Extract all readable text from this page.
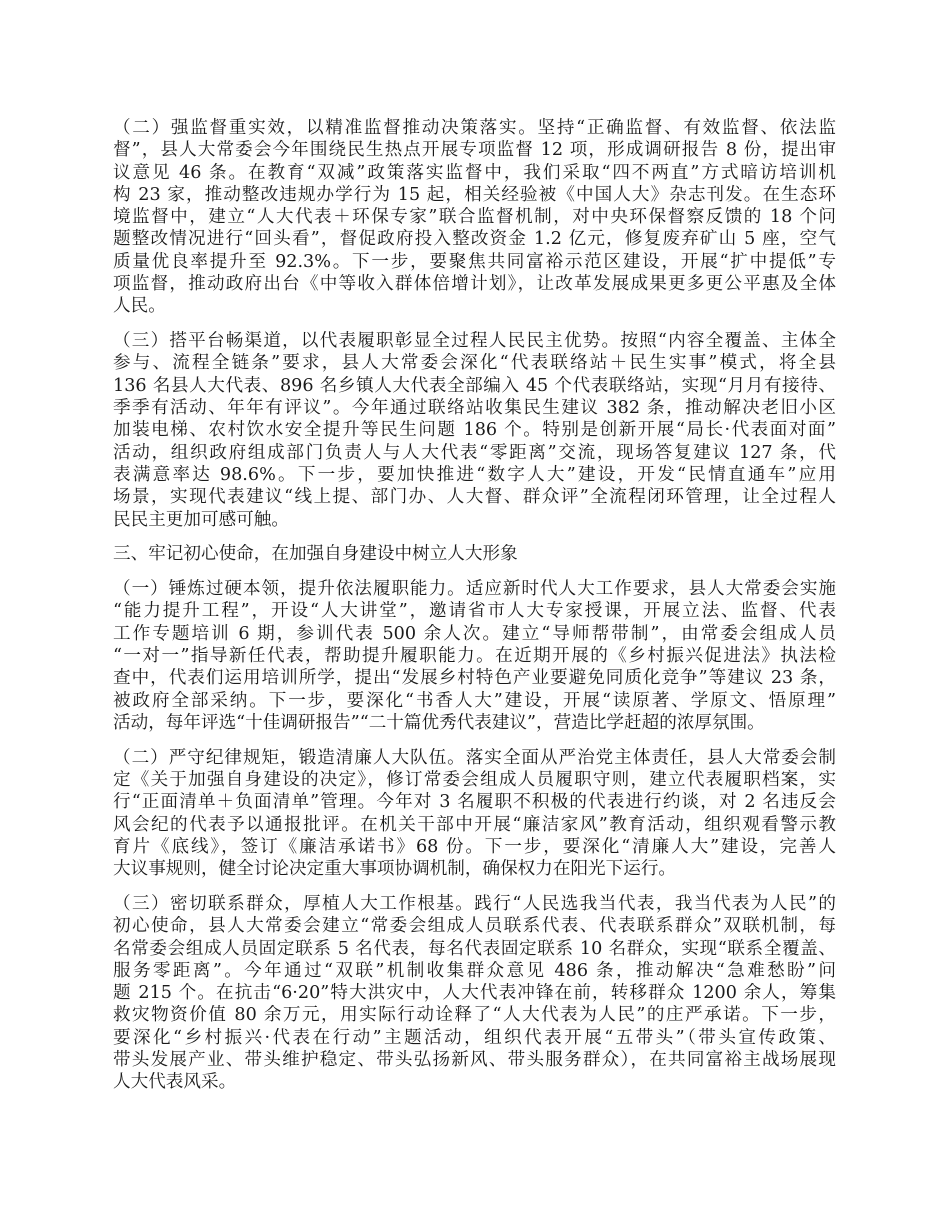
（二）强监督重实效，以精准监督推动决策落实。坚持“正确监督、有效监督、依法监
督”，县人大常委会今年围绕民生热点开展专项监督 12 项，形成调研报告 8 份，提出审
议意见 46 条。在教育“双减”政策落实监督中，我们采取“四不两直”方式暗访培训机
构 23 家，推动整改违规办学行为 15 起，相关经验被《中国人大》杂志刊发。在生态环
境监督中，建立“人大代表＋环保专家”联合监督机制，对中央环保督察反馈的 18 个问
题整改情况进行“回头看”，督促政府投入整改资金 1.2 亿元，修复废弃矿山 5 座，空气
质量优良率提升至 92.3%。下一步，要聚焦共同富裕示范区建设，开展“扩中提低”专
项监督，推动政府出台《中等收入群体倍增计划》，让改革发展成果更多更公平惠及全体
人民。
（三）搭平台畅渠道，以代表履职彰显全过程人民民主优势。按照“内容全覆盖、主体全
参与、流程全链条”要求，县人大常委会深化“代表联络站＋民生实事”模式，将全县
136 名县人大代表、896 名乡镇人大代表全部编入 45 个代表联络站，实现“月月有接待、
季季有活动、年年有评议”。今年通过联络站收集民生建议 382 条，推动解决老旧小区
加装电梯、农村饮水安全提升等民生问题 186 个。特别是创新开展“局长·代表面对面”
活动，组织政府组成部门负责人与人大代表“零距离”交流，现场答复建议 127 条，代
表满意率达 98.6%。下一步，要加快推进“数字人大”建设，开发“民情直通车”应用
场景，实现代表建议“线上提、部门办、人大督、群众评”全流程闭环管理，让全过程人
民民主更加可感可触。
三、牢记初心使命，在加强自身建设中树立人大形象
（一）锤炼过硬本领，提升依法履职能力。适应新时代人大工作要求，县人大常委会实施
“能力提升工程”，开设“人大讲堂”，邀请省市人大专家授课，开展立法、监督、代表
工作专题培训 6 期，参训代表 500 余人次。建立“导师帮带制”，由常委会组成人员
“一对一”指导新任代表，帮助提升履职能力。在近期开展的《乡村振兴促进法》执法检
查中，代表们运用培训所学，提出“发展乡村特色产业要避免同质化竞争”等建议 23 条，
被政府全部采纳。下一步，要深化“书香人大”建设，开展“读原著、学原文、悟原理”
活动，每年评选“十佳调研报告”“二十篇优秀代表建议”，营造比学赶超的浓厚氛围。
（二）严守纪律规矩，锻造清廉人大队伍。落实全面从严治党主体责任，县人大常委会制
定《关于加强自身建设的决定》，修订常委会组成人员履职守则，建立代表履职档案，实
行“正面清单＋负面清单”管理。今年对 3 名履职不积极的代表进行约谈，对 2 名违反会
风会纪的代表予以通报批评。在机关干部中开展“廉洁家风”教育活动，组织观看警示教
育片《底线》，签订《廉洁承诺书》68 份。下一步，要深化“清廉人大”建设，完善人
大议事规则，健全讨论决定重大事项协调机制，确保权力在阳光下运行。
（三）密切联系群众，厚植人大工作根基。践行“人民选我当代表，我当代表为人民”的
初心使命，县人大常委会建立“常委会组成人员联系代表、代表联系群众”双联机制，每
名常委会组成人员固定联系 5 名代表，每名代表固定联系 10 名群众，实现“联系全覆盖、
服务零距离”。今年通过“双联”机制收集群众意见 486 条，推动解决“急难愁盼”问
题 215 个。在抗击“6·20”特大洪灾中，人大代表冲锋在前，转移群众 1200 余人，筹集
救灾物资价值 80 余万元，用实际行动诠释了“人大代表为人民”的庄严承诺。下一步，
要深化“乡村振兴·代表在行动”主题活动，组织代表开展“五带头”（带头宣传政策、
带头发展产业、带头维护稳定、带头弘扬新风、带头服务群众），在共同富裕主战场展现
人大代表风采。
